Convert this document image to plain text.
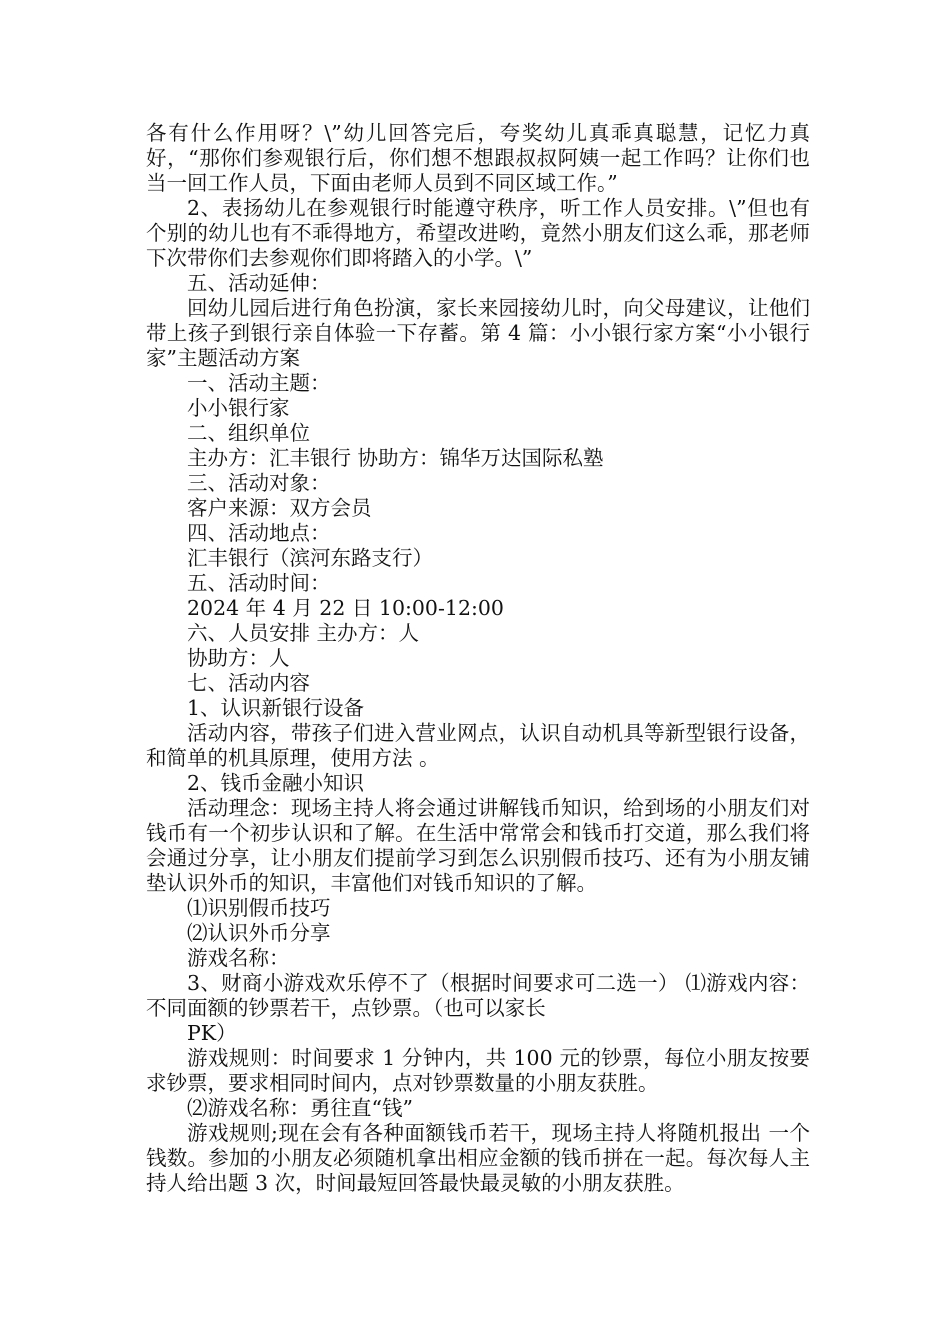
各有什么作用呀？\”幼儿回答完后，夸奖幼儿真乖真聪慧，记忆力真好，“那你们参观银行后，你们想不想跟叔叔阿姨一起工作吗？让你们也当一回工作人员，下面由老师人员到不同区域工作。”

2、表扬幼儿在参观银行时能遵守秩序，听工作人员安排。\”但也有个别的幼儿也有不乖得地方，希望改进哟，竟然小朋友们这么乖，那老师下次带你们去参观你们即将踏入的小学。\”

五、活动延伸：

回幼儿园后进行角色扮演，家长来园接幼儿时，向父母建议，让他们带上孩子到银行亲自体验一下存蓄。第 4 篇：小小银行家方案“小小银行家”主题活动方案

一、活动主题：

小小银行家

二、组织单位

主办方：汇丰银行 协助方：锦华万达国际私塾

三、活动对象：

客户来源：双方会员

四、活动地点：

汇丰银行（滨河东路支行）

五、活动时间：

2024 年 4 月 22 日 10:00-12:00

六、人员安排 主办方：人

协助方：人

七、活动内容

1、认识新银行设备

活动内容，带孩子们进入营业网点，认识自动机具等新型银行设备，和简单的机具原理，使用方法 。

2、钱币金融小知识

活动理念：现场主持人将会通过讲解钱币知识，给到场的小朋友们对钱币有一个初步认识和了解。在生活中常常会和钱币打交道，那么我们将会通过分享，让小朋友们提前学习到怎么识别假币技巧、还有为小朋友铺垫认识外币的知识，丰富他们对钱币知识的了解。

⑴识别假币技巧

⑵认识外币分享

游戏名称：

3、财商小游戏欢乐停不了（根据时间要求可二选一） ⑴游戏内容：不同面额的钞票若干，点钞票。（也可以家长

PK）

游戏规则：时间要求 1 分钟内，共 100 元的钞票，每位小朋友按要求钞票，要求相同时间内，点对钞票数量的小朋友获胜。

⑵游戏名称：勇往直“钱”

游戏规则;现在会有各种面额钱币若干，现场主持人将随机报出 一个钱数。参加的小朋友必须随机拿出相应金额的钱币拼在一起。每次每人主持人给出题 3 次，时间最短回答最快最灵敏的小朋友获胜。
